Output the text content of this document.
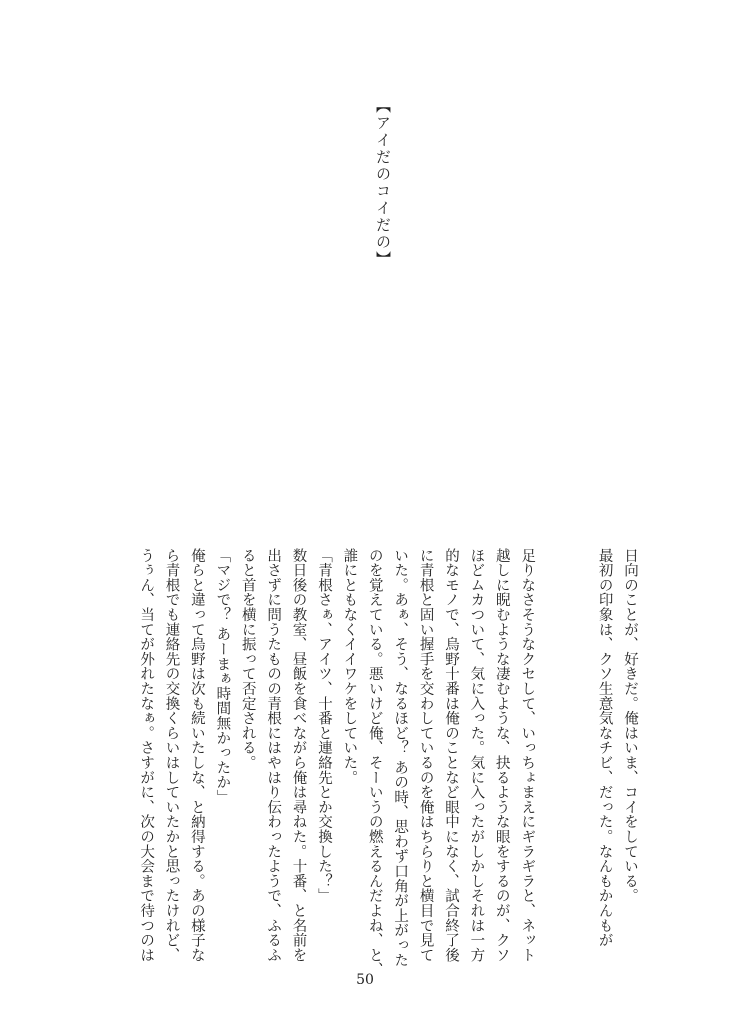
【アイだのコイだの】

日向のことが、好きだ。俺はいま、コイをしている。

最初の印象は、クソ生意気なチビ、だった。なんもかんもが

足りなさそうなクセして、いっちょまえにギラギラと、ネット

越しに睨むような凄むような、抉るような眼をするのが、クソ

ほどムカついて、気に入った。気に入ったがしかしそれは一方

的なモノで、烏野十番は俺のことなど眼中になく、試合終了後

に青根と固い握手を交わしているのを俺はちらりと横目で見て

いた。あぁ、そう、なるほど？ あの時、思わず口角が上がった

のを覚えている。悪いけど俺、そーいうの燃えるんだよね、と、

誰にともなくイイワケをしていた。

「青根さぁ、アイツ、十番と連絡先とか交換した？」

数日後の教室、昼飯を食べながら俺は尋ねた。十番、と名前を

出さずに問うたものの青根にはやはり伝わったようで、ふるふ

ると首を横に振って否定される。

「マジで？ あーまぁ時間無かったか」

俺らと違って烏野は次も続いたしな、と納得する。あの様子な

ら青根でも連絡先の交換くらいはしていたかと思ったけれど、

うぅん、当てが外れたなぁ。さすがに、次の大会まで待つのは

50
